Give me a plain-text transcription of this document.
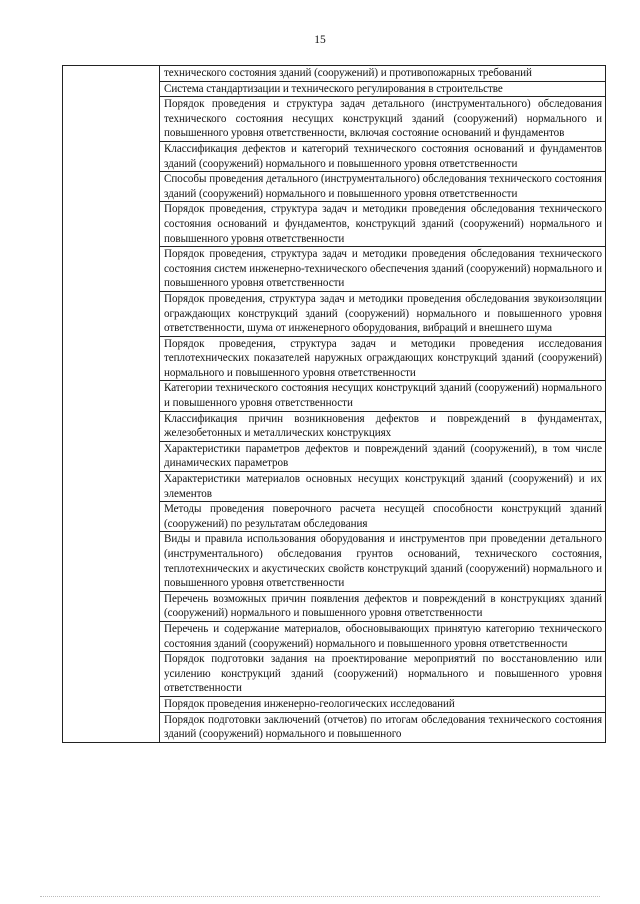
15

технического состояния зданий (сооружений) и противопожарных требований

Система стандартизации и технического регулирования в строительстве

Порядок проведения и структура задач детального (инструментального) обследования технического состояния несущих конструкций зданий (сооружений) нормального и повышенного уровня ответственности, включая состояние оснований и фундаментов

Классификация дефектов и категорий технического состояния оснований и фундаментов зданий (сооружений) нормального и повышенного уровня ответственности

Способы проведения детального (инструментального) обследования технического состояния зданий (сооружений) нормального и повышенного уровня ответственности

Порядок проведения, структура задач и методики проведения обследования технического состояния оснований и фундаментов, конструкций зданий (сооружений) нормального и повышенного уровня ответственности

Порядок проведения, структура задач и методики проведения обследования технического состояния систем инженерно-технического обеспечения зданий (сооружений) нормального и повышенного уровня ответственности

Порядок проведения, структура задач и методики проведения обследования звукоизоляции ограждающих конструкций зданий (сооружений) нормального и повышенного уровня ответственности, шума от инженерного оборудования, вибраций и внешнего шума

Порядок проведения, структура задач и методики проведения исследования теплотехнических показателей наружных ограждающих конструкций зданий (сооружений) нормального и повышенного уровня ответственности

Категории технического состояния несущих конструкций зданий (сооружений) нормального и повышенного уровня ответственности

Классификация причин возникновения дефектов и повреждений в фундаментах, железобетонных и металлических конструкциях

Характеристики параметров дефектов и повреждений зданий (сооружений), в том числе динамических параметров

Характеристики материалов основных несущих конструкций зданий (сооружений) и их элементов

Методы проведения поверочного расчета несущей способности конструкций зданий (сооружений) по результатам обследования

Виды и правила использования оборудования и инструментов при проведении детального (инструментального) обследования грунтов оснований, технического состояния, теплотехнических и акустических свойств конструкций зданий (сооружений) нормального и повышенного уровня ответственности

Перечень возможных причин появления дефектов и повреждений в конструкциях зданий (сооружений) нормального и повышенного уровня ответственности

Перечень и содержание материалов, обосновывающих принятую категорию технического состояния зданий (сооружений) нормального и повышенного уровня ответственности

Порядок подготовки задания на проектирование мероприятий по восстановлению или усилению конструкций зданий (сооружений) нормального и повышенного уровня ответственности

Порядок проведения инженерно-геологических исследований

Порядок подготовки заключений (отчетов) по итогам обследования технического состояния зданий (сооружений) нормального и повышенного
